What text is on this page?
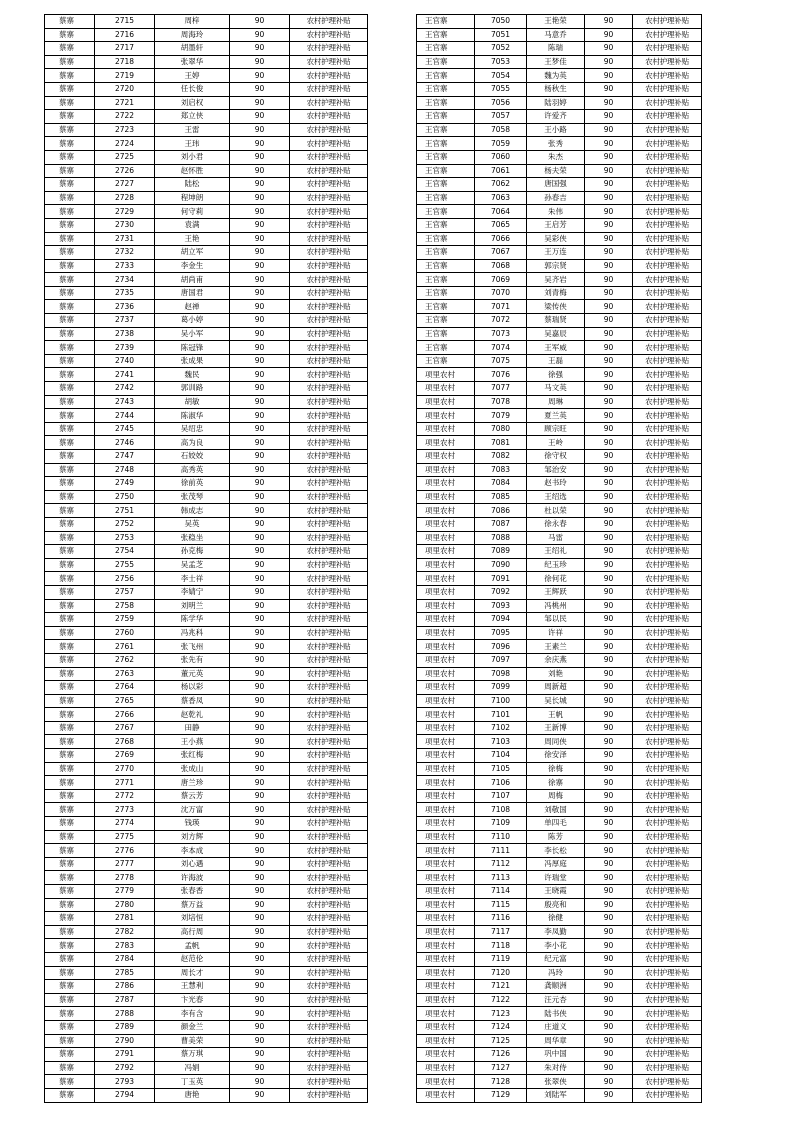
蔡寨	2715	周梓	90	农村护理补贴
蔡寨	2716	周海玲	90	农村护理补贴
蔡寨	2717	胡墨轩	90	农村护理补贴
蔡寨	2718	张翠华	90	农村护理补贴
蔡寨	2719	王婷	90	农村护理补贴
蔡寨	2720	任长俊	90	农村护理补贴
蔡寨	2721	刘启权	90	农村护理补贴
蔡寨	2722	郑立侠	90	农村护理补贴
蔡寨	2723	王雷	90	农村护理补贴
蔡寨	2724	王玮	90	农村护理补贴
蔡寨	2725	刘小君	90	农村护理补贴
蔡寨	2726	赵怀胜	90	农村护理补贴
蔡寨	2727	陆松	90	农村护理补贴
蔡寨	2728	程坤朗	90	农村护理补贴
蔡寨	2729	何守莉	90	农村护理补贴
蔡寨	2730	袁满	90	农村护理补贴
蔡寨	2731	王艳	90	农村护理补贴
蔡寨	2732	胡立军	90	农村护理补贴
蔡寨	2733	李金生	90	农村护理补贴
蔡寨	2734	胡尚甫	90	农村护理补贴
蔡寨	2735	唐国君	90	农村护理补贴
蔡寨	2736	赵禅	90	农村护理补贴
蔡寨	2737	葛小婷	90	农村护理补贴
蔡寨	2738	吴小军	90	农村护理补贴
蔡寨	2739	陈冠锋	90	农村护理补贴
蔡寨	2740	张成果	90	农村护理补贴
蔡寨	2741	魏民	90	农村护理补贴
蔡寨	2742	郭训路	90	农村护理补贴
蔡寨	2743	胡敏	90	农村护理补贴
蔡寨	2744	陈淑华	90	农村护理补贴
蔡寨	2745	吴绍忠	90	农村护理补贴
蔡寨	2746	高为良	90	农村护理补贴
蔡寨	2747	石姣姣	90	农村护理补贴
蔡寨	2748	高秀英	90	农村护理补贴
蔡寨	2749	徐前英	90	农村护理补贴
蔡寨	2750	张茂琴	90	农村护理补贴
蔡寨	2751	韩成志	90	农村护理补贴
蔡寨	2752	吴英	90	农村护理补贴
蔡寨	2753	张稳坐	90	农村护理补贴
蔡寨	2754	孙克梅	90	农村护理补贴
蔡寨	2755	吴孟芝	90	农村护理补贴
蔡寨	2756	李士祥	90	农村护理补贴
蔡寨	2757	李婧宁	90	农村护理补贴
蔡寨	2758	刘明兰	90	农村护理补贴
蔡寨	2759	陈学华	90	农村护理补贴
蔡寨	2760	冯兆科	90	农村护理补贴
蔡寨	2761	张飞州	90	农村护理补贴
蔡寨	2762	张先有	90	农村护理补贴
蔡寨	2763	董元英	90	农村护理补贴
蔡寨	2764	杨以彩	90	农村护理补贴
蔡寨	2765	蔡香凤	90	农村护理补贴
蔡寨	2766	赵乾礼	90	农村护理补贴
蔡寨	2767	田静	90	农村护理补贴
蔡寨	2768	王小燕	90	农村护理补贴
蔡寨	2769	张红梅	90	农村护理补贴
蔡寨	2770	张成山	90	农村护理补贴
蔡寨	2771	唐兰珍	90	农村护理补贴
蔡寨	2772	蔡云芳	90	农村护理补贴
蔡寨	2773	沈万富	90	农村护理补贴
蔡寨	2774	钱瑛	90	农村护理补贴
蔡寨	2775	刘方辉	90	农村护理补贴
蔡寨	2776	李本成	90	农村护理补贴
蔡寨	2777	刘心遇	90	农村护理补贴
蔡寨	2778	许海波	90	农村护理补贴
蔡寨	2779	张春香	90	农村护理补贴
蔡寨	2780	蔡万益	90	农村护理补贴
蔡寨	2781	刘培恒	90	农村护理补贴
蔡寨	2782	高行周	90	农村护理补贴
蔡寨	2783	孟帆	90	农村护理补贴
蔡寨	2784	赵范伦	90	农村护理补贴
蔡寨	2785	周长才	90	农村护理补贴
蔡寨	2786	王慧利	90	农村护理补贴
蔡寨	2787	卞光春	90	农村护理补贴
蔡寨	2788	李有含	90	农村护理补贴
蔡寨	2789	颜金兰	90	农村护理补贴
蔡寨	2790	曹美荣	90	农村护理补贴
蔡寨	2791	蔡万琪	90	农村护理补贴
蔡寨	2792	冯娟	90	农村护理补贴
蔡寨	2793	丁玉英	90	农村护理补贴
蔡寨	2794	唐艳	90	农村护理补贴
王官寨	7050	王艳荣	90	农村护理补贴
王官寨	7051	马意乔	90	农村护理补贴
王官寨	7052	陈瑞	90	农村护理补贴
王官寨	7053	王梦佳	90	农村护理补贴
王官寨	7054	魏为英	90	农村护理补贴
王官寨	7055	杨秋生	90	农村护理补贴
王官寨	7056	陆羽婷	90	农村护理补贴
王官寨	7057	许爱齐	90	农村护理补贴
王官寨	7058	王小路	90	农村护理补贴
王官寨	7059	张秀	90	农村护理补贴
王官寨	7060	朱杰	90	农村护理补贴
王官寨	7061	杨夫荣	90	农村护理补贴
王官寨	7062	唐国强	90	农村护理补贴
王官寨	7063	孙春吉	90	农村护理补贴
王官寨	7064	朱伟	90	农村护理补贴
王官寨	7065	王启芳	90	农村护理补贴
王官寨	7066	吴彩侠	90	农村护理补贴
王官寨	7067	王万连	90	农村护理补贴
王官寨	7068	郭宗贤	90	农村护理补贴
王官寨	7069	吴齐岩	90	农村护理补贴
王官寨	7070	刘青梅	90	农村护理补贴
王官寨	7071	梁传侠	90	农村护理补贴
王官寨	7072	蔡瑞贤	90	农村护理补贴
王官寨	7073	吴嘉辰	90	农村护理补贴
王官寨	7074	王军威	90	农村护理补贴
王官寨	7075	王磊	90	农村护理补贴
项里农村	7076	徐强	90	农村护理补贴
项里农村	7077	马文英	90	农村护理补贴
项里农村	7078	周琳	90	农村护理补贴
项里农村	7079	夏兰英	90	农村护理补贴
项里农村	7080	顾宗旺	90	农村护理补贴
项里农村	7081	王岭	90	农村护理补贴
项里农村	7082	徐守权	90	农村护理补贴
项里农村	7083	邹治安	90	农村护理补贴
项里农村	7084	赵书玲	90	农村护理补贴
项里农村	7085	王绍选	90	农村护理补贴
项里农村	7086	杜以荣	90	农村护理补贴
项里农村	7087	徐永春	90	农村护理补贴
项里农村	7088	马雷	90	农村护理补贴
项里农村	7089	王绍礼	90	农村护理补贴
项里农村	7090	纪玉珍	90	农村护理补贴
项里农村	7091	徐何花	90	农村护理补贴
项里农村	7092	王辉跃	90	农村护理补贴
项里农村	7093	冯桃州	90	农村护理补贴
项里农村	7094	邹以民	90	农村护理补贴
项里农村	7095	许祥	90	农村护理补贴
项里农村	7096	王素兰	90	农村护理补贴
项里农村	7097	余庆燕	90	农村护理补贴
项里农村	7098	刘艳	90	农村护理补贴
项里农村	7099	周新超	90	农村护理补贴
项里农村	7100	吴长城	90	农村护理补贴
项里农村	7101	王帆	90	农村护理补贴
项里农村	7102	王新博	90	农村护理补贴
项里农村	7103	周同侠	90	农村护理补贴
项里农村	7104	徐安泽	90	农村护理补贴
项里农村	7105	徐梅	90	农村护理补贴
项里农村	7106	徐寨	90	农村护理补贴
项里农村	7107	周梅	90	农村护理补贴
项里农村	7108	刘敬国	90	农村护理补贴
项里农村	7109	单四毛	90	农村护理补贴
项里农村	7110	陈芳	90	农村护理补贴
项里农村	7111	李长松	90	农村护理补贴
项里农村	7112	冯厚庭	90	农村护理补贴
项里农村	7113	许瑞堂	90	农村护理补贴
项里农村	7114	王晓霞	90	农村护理补贴
项里农村	7115	殷亮和	90	农村护理补贴
项里农村	7116	徐健	90	农村护理补贴
项里农村	7117	李凤勤	90	农村护理补贴
项里农村	7118	李小花	90	农村护理补贴
项里农村	7119	纪元富	90	农村护理补贴
项里农村	7120	冯玲	90	农村护理补贴
项里农村	7121	龚顺洲	90	农村护理补贴
项里农村	7122	汪元杏	90	农村护理补贴
项里农村	7123	陆书侠	90	农村护理补贴
项里农村	7124	庄道义	90	农村护理补贴
项里农村	7125	周华章	90	农村护理补贴
项里农村	7126	巩中国	90	农村护理补贴
项里农村	7127	朱对侍	90	农村护理补贴
项里农村	7128	张翠侠	90	农村护理补贴
项里农村	7129	刘陆军	90	农村护理补贴
